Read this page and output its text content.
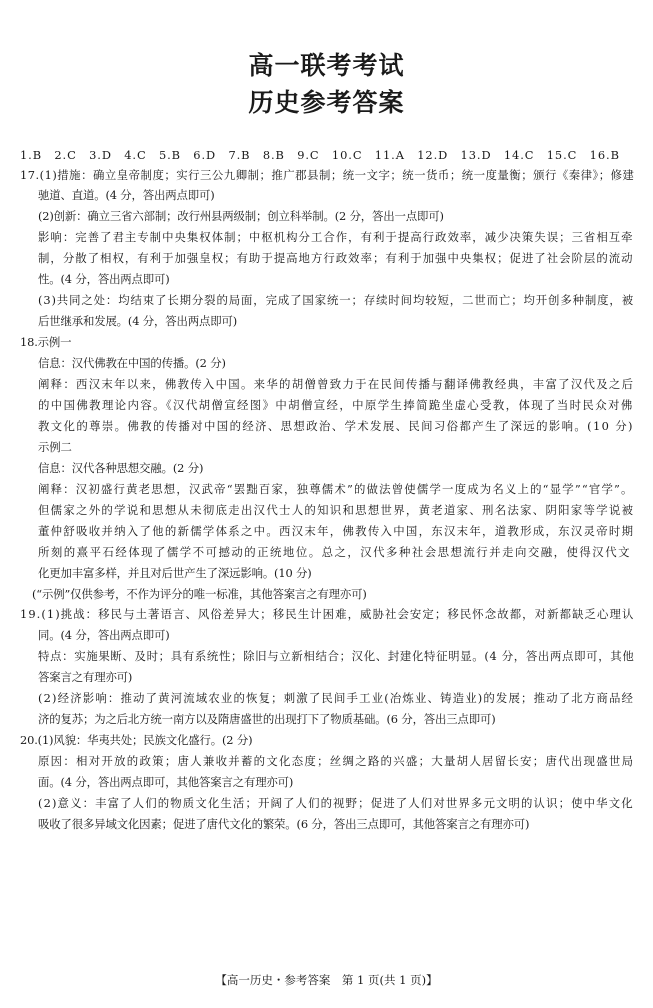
高一联考考试
历史参考答案
1.B　2.C　3.D　4.C　5.B　6.D　7.B　8.B　9.C　10.C　11.A　12.D　13.D　14.C　15.C　16.B
17.(1)措施：确立皇帝制度；实行三公九卿制；推广郡县制；统一文字；统一货币；统一度量衡；颁行《秦律》；修建
驰道、直道。(4 分，答出两点即可)
(2)创新：确立三省六部制；改行州县两级制；创立科举制。(2 分，答出一点即可)
影响：完善了君主专制中央集权体制；中枢机构分工合作，有利于提高行政效率，减少决策失误；三省相互牵
制，分散了相权，有利于加强皇权；有助于提高地方行政效率；有利于加强中央集权；促进了社会阶层的流动
性。(4 分，答出两点即可)
(3)共同之处：均结束了长期分裂的局面，完成了国家统一；存续时间均较短，二世而亡；均开创多种制度，被
后世继承和发展。(4 分，答出两点即可)
18.示例一
信息：汉代佛教在中国的传播。(2 分)
阐释：西汉末年以来，佛教传入中国。来华的胡僧曾致力于在民间传播与翻译佛教经典，丰富了汉代及之后
的中国佛教理论内容。《汉代胡僧宣经图》中胡僧宣经，中原学生捧简跪坐虚心受教，体现了当时民众对佛
教文化的尊崇。佛教的传播对中国的经济、思想政治、学术发展、民间习俗都产生了深远的影响。(10 分)
示例二
信息：汉代各种思想交融。(2 分)
阐释：汉初盛行黄老思想，汉武帝“罢黜百家，独尊儒术”的做法曾使儒学一度成为名义上的“显学”“官学”。
但儒家之外的学说和思想从未彻底走出汉代士人的知识和思想世界，黄老道家、刑名法家、阴阳家等学说被
董仲舒吸收并纳入了他的新儒学体系之中。西汉末年，佛教传入中国，东汉末年，道教形成，东汉灵帝时期
所刻的熹平石经体现了儒学不可撼动的正统地位。总之，汉代多种社会思想流行并走向交融，使得汉代文
化更加丰富多样，并且对后世产生了深远影响。(10 分)
(“示例”仅供参考，不作为评分的唯一标准，其他答案言之有理亦可)
19.(1)挑战：移民与土著语言、风俗差异大；移民生计困难，威胁社会安定；移民怀念故都，对新都缺乏心理认
同。(4 分，答出两点即可)
特点：实施果断、及时；具有系统性；除旧与立新相结合；汉化、封建化特征明显。(4 分，答出两点即可，其他
答案言之有理亦可)
(2)经济影响：推动了黄河流域农业的恢复；刺激了民间手工业(冶炼业、铸造业)的发展；推动了北方商品经
济的复苏；为之后北方统一南方以及隋唐盛世的出现打下了物质基础。(6 分，答出三点即可)
20.(1)风貌：华夷共处；民族文化盛行。(2 分)
原因：相对开放的政策；唐人兼收并蓄的文化态度；丝绸之路的兴盛；大量胡人居留长安；唐代出现盛世局
面。(4 分，答出两点即可，其他答案言之有理亦可)
(2)意义：丰富了人们的物质文化生活；开阔了人们的视野；促进了人们对世界多元文明的认识；使中华文化
吸收了很多异域文化因素；促进了唐代文化的繁荣。(6 分，答出三点即可，其他答案言之有理亦可)
【高一历史・参考答案　第 1 页(共 1 页)】
